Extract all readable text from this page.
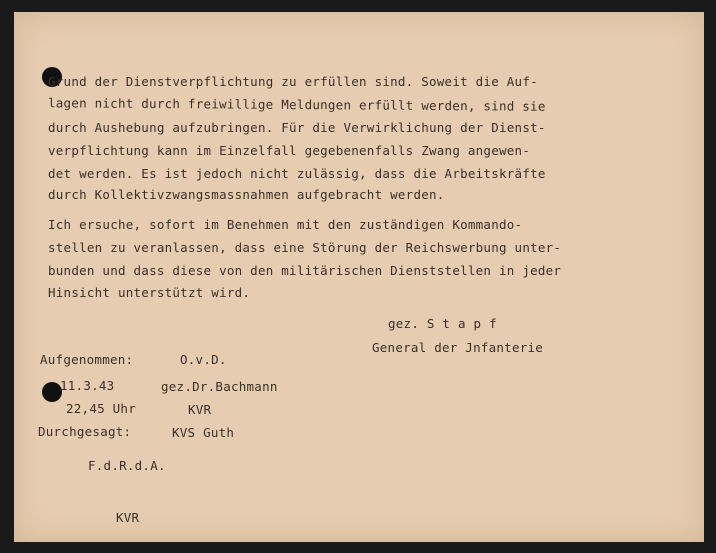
Grund der Dienstverpflichtung zu erfüllen sind. Soweit die Auf-
lagen nicht durch freiwillige Meldungen erfüllt werden, sind sie
durch Aushebung aufzubringen. Für die Verwirklichung der Dienst-
verpflichtung kann im Einzelfall gegebenenfalls Zwang angewen-
det werden. Es ist jedoch nicht zulässig, dass die Arbeitskräfte
durch Kollektivzwangsmassnahmen aufgebracht werden.
Ich ersuche, sofort im Benehmen mit den zuständigen Kommando-
stellen zu veranlassen, dass eine Störung der Reichswerbung unter-
bunden und dass diese von den militärischen Dienststellen in jeder
Hinsicht unterstützt wird.
gez. S t a p f
General der Jnfanterie
Aufgenommen:	O.v.D.
11.3.43	gez.Dr.Bachmann
22,45 Uhr	KVR
Durchgesagt:	KVS Guth
F.d.R.d.A.
KVR
